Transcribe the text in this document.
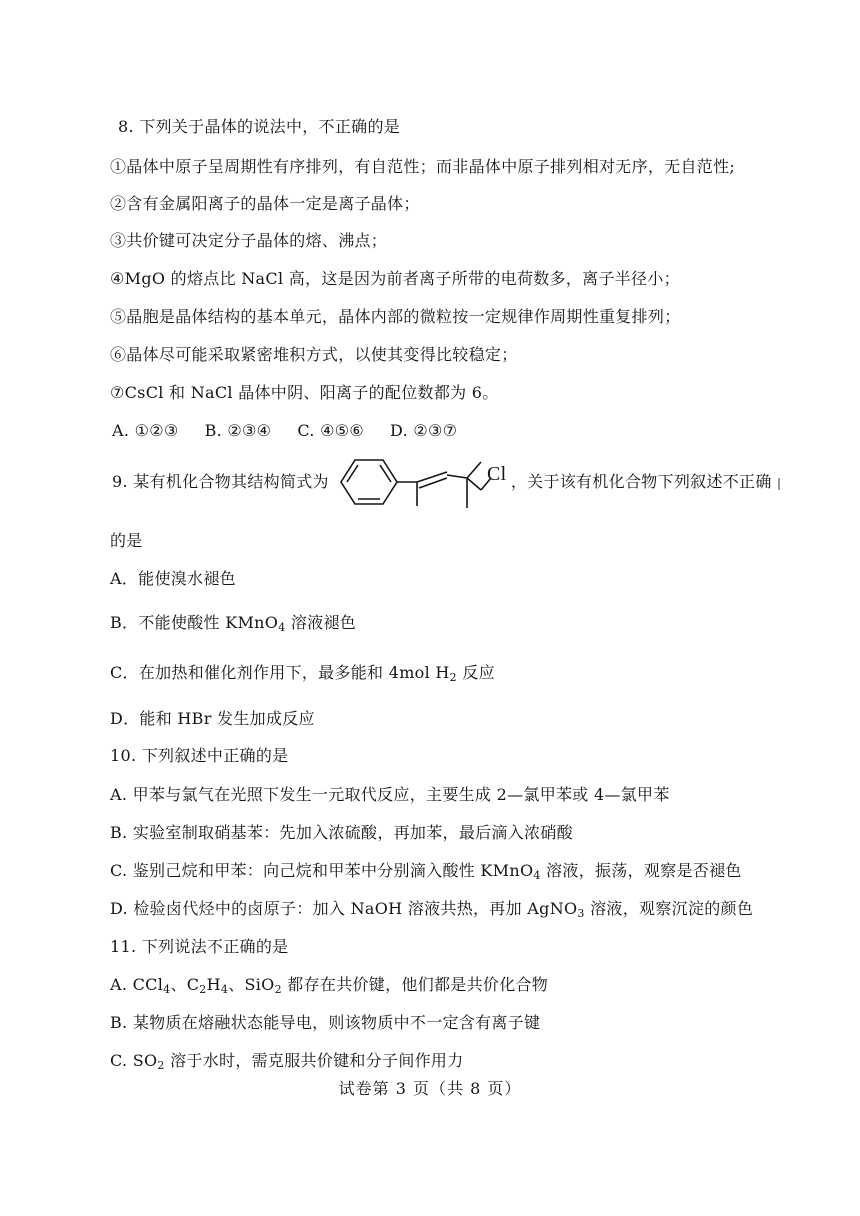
8. 下列关于晶体的说法中，不正确的是
①晶体中原子呈周期性有序排列，有自范性；而非晶体中原子排列相对无序，无自范性;
②含有金属阳离子的晶体一定是离子晶体；
③共价键可决定分子晶体的熔、沸点；
④MgO 的熔点比 NaCl 高，这是因为前者离子所带的电荷数多，离子半径小；
⑤晶胞是晶体结构的基本单元，晶体内部的微粒按一定规律作周期性重复排列；
⑥晶体尽可能采取紧密堆积方式，以使其变得比较稳定；
⑦CsCl 和 NaCl 晶体中阴、阳离子的配位数都为 6。
A. ①②③ B. ②③④ C. ④⑤⑥ D. ②③⑦
9. 某有机化合物其结构简式为	Cl ，关于该有机化合物下列叙述不正确
的是
A．能使溴水褪色
B．不能使酸性 KMnO$_4$ 溶液褪色
C．在加热和催化剂作用下，最多能和 4mol $H_2$ 反应
D．能和 HBr 发生加成反应
10. 下列叙述中正确的是
A. 甲苯与氯气在光照下发生一元取代反应，主要生成 2—氯甲苯或 4—氯甲苯
B. 实验室制取硝基苯：先加入浓硫酸，再加苯，最后滴入浓硝酸
C. 鉴别己烷和甲苯：向己烷和甲苯中分别滴入酸性 KMnO$_4$ 溶液，振荡，观察是否褪色
D. 检验卤代烃中的卤原子：加入 NaOH 溶液共热，再加 AgNO$_3$ 溶液，观察沉淀的颜色
11. 下列说法不正确的是
A. CCl$_4$、$C_2H_4$、SiO$_2$ 都存在共价键，他们都是共价化合物
B. 某物质在熔融状态能导电，则该物质中不一定含有离子键
C. $SO_2$ 溶于水时，需克服共价键和分子间作用力
试卷第 3 页（共 8 页）
